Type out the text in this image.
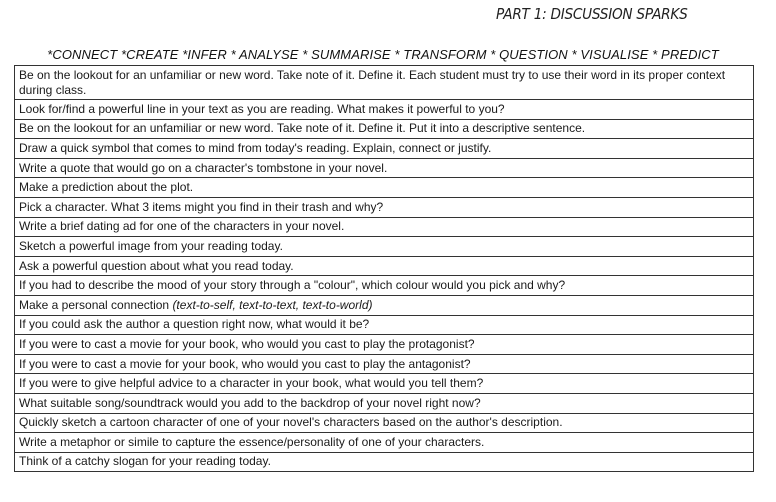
PART 1: DISCUSSION SPARKS
*CONNECT *CREATE *INFER * ANALYSE * SUMMARISE * TRANSFORM * QUESTION * VISUALISE * PREDICT
Be on the lookout for an unfamiliar or new word. Take note of it. Define it. Each student must try to use their word in its proper context during class.
Look for/find a powerful line in your text as you are reading. What makes it powerful to you?
Be on the lookout for an unfamiliar or new word. Take note of it. Define it. Put it into a descriptive sentence.
Draw a quick symbol that comes to mind from today's reading. Explain, connect or justify.
Write a quote that would go on a character's tombstone in your novel.
Make a prediction about the plot.
Pick a character. What 3 items might you find in their trash and why?
Write a brief dating ad for one of the characters in your novel.
Sketch a powerful image from your reading today.
Ask a powerful question about what you read today.
If you had to describe the mood of your story through a "colour", which colour would you pick and why?
Make a personal connection (text-to-self, text-to-text, text-to-world)
If you could ask the author a question right now, what would it be?
If you were to cast a movie for your book, who would you cast to play the protagonist?
If you were to cast a movie for your book, who would you cast to play the antagonist?
If you were to give helpful advice to a character in your book, what would you tell them?
What suitable song/soundtrack would you add to the backdrop of your novel right now?
Quickly sketch a cartoon character of one of your novel's characters based on the author's description.
Write a metaphor or simile to capture the essence/personality of one of your characters.
Think of a catchy slogan for your reading today.
